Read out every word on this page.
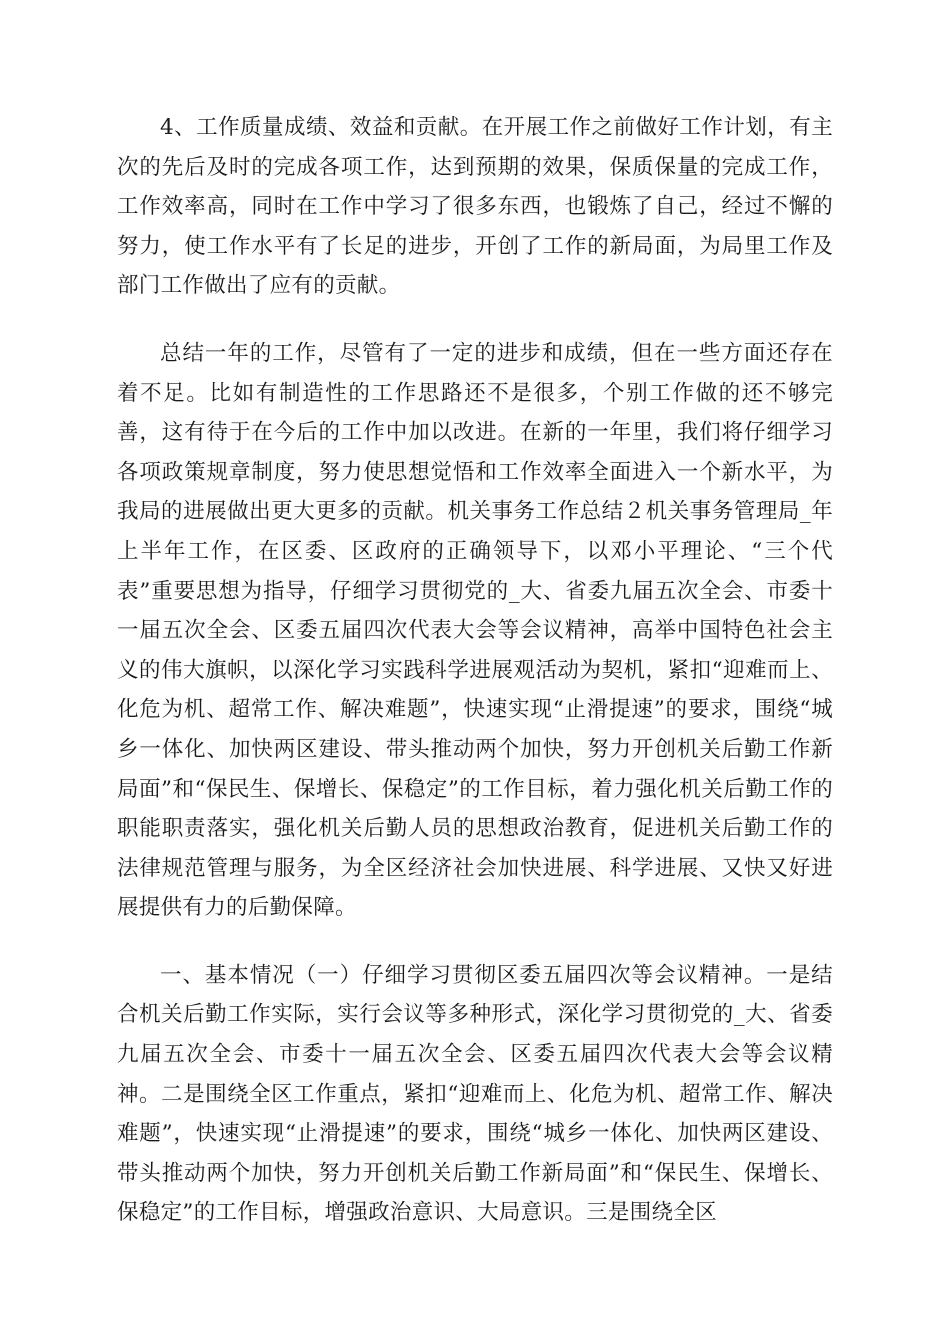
4、工作质量成绩、效益和贡献。在开展工作之前做好工作计划，有主次的先后及时的完成各项工作，达到预期的效果，保质保量的完成工作，工作效率高，同时在工作中学习了很多东西，也锻炼了自己，经过不懈的努力，使工作水平有了长足的进步，开创了工作的新局面，为局里工作及部门工作做出了应有的贡献。

总结一年的工作，尽管有了一定的进步和成绩，但在一些方面还存在着不足。比如有制造性的工作思路还不是很多，个别工作做的还不够完善，这有待于在今后的工作中加以改进。在新的一年里，我们将仔细学习各项政策规章制度，努力使思想觉悟和工作效率全面进入一个新水平，为我局的进展做出更大更多的贡献。机关事务工作总结２机关事务管理局_年上半年工作，在区委、区政府的正确领导下，以邓小平理论、“三个代表”重要思想为指导，仔细学习贯彻党的_大、省委九届五次全会、市委十一届五次全会、区委五届四次代表大会等会议精神，高举中国特色社会主义的伟大旗帜，以深化学习实践科学进展观活动为契机，紧扣“迎难而上、化危为机、超常工作、解决难题”，快速实现“止滑提速”的要求，围绕“城乡一体化、加快两区建设、带头推动两个加快，努力开创机关后勤工作新局面”和“保民生、保增长、保稳定”的工作目标，着力强化机关后勤工作的职能职责落实，强化机关后勤人员的思想政治教育，促进机关后勤工作的法律规范管理与服务，为全区经济社会加快进展、科学进展、又快又好进展提供有力的后勤保障。

一、基本情况（一）仔细学习贯彻区委五届四次等会议精神。一是结合机关后勤工作实际，实行会议等多种形式，深化学习贯彻党的_大、省委九届五次全会、市委十一届五次全会、区委五届四次代表大会等会议精神。二是围绕全区工作重点，紧扣“迎难而上、化危为机、超常工作、解决难题”，快速实现“止滑提速”的要求，围绕“城乡一体化、加快两区建设、带头推动两个加快，努力开创机关后勤工作新局面”和“保民生、保增长、保稳定”的工作目标，增强政治意识、大局意识。三是围绕全区
